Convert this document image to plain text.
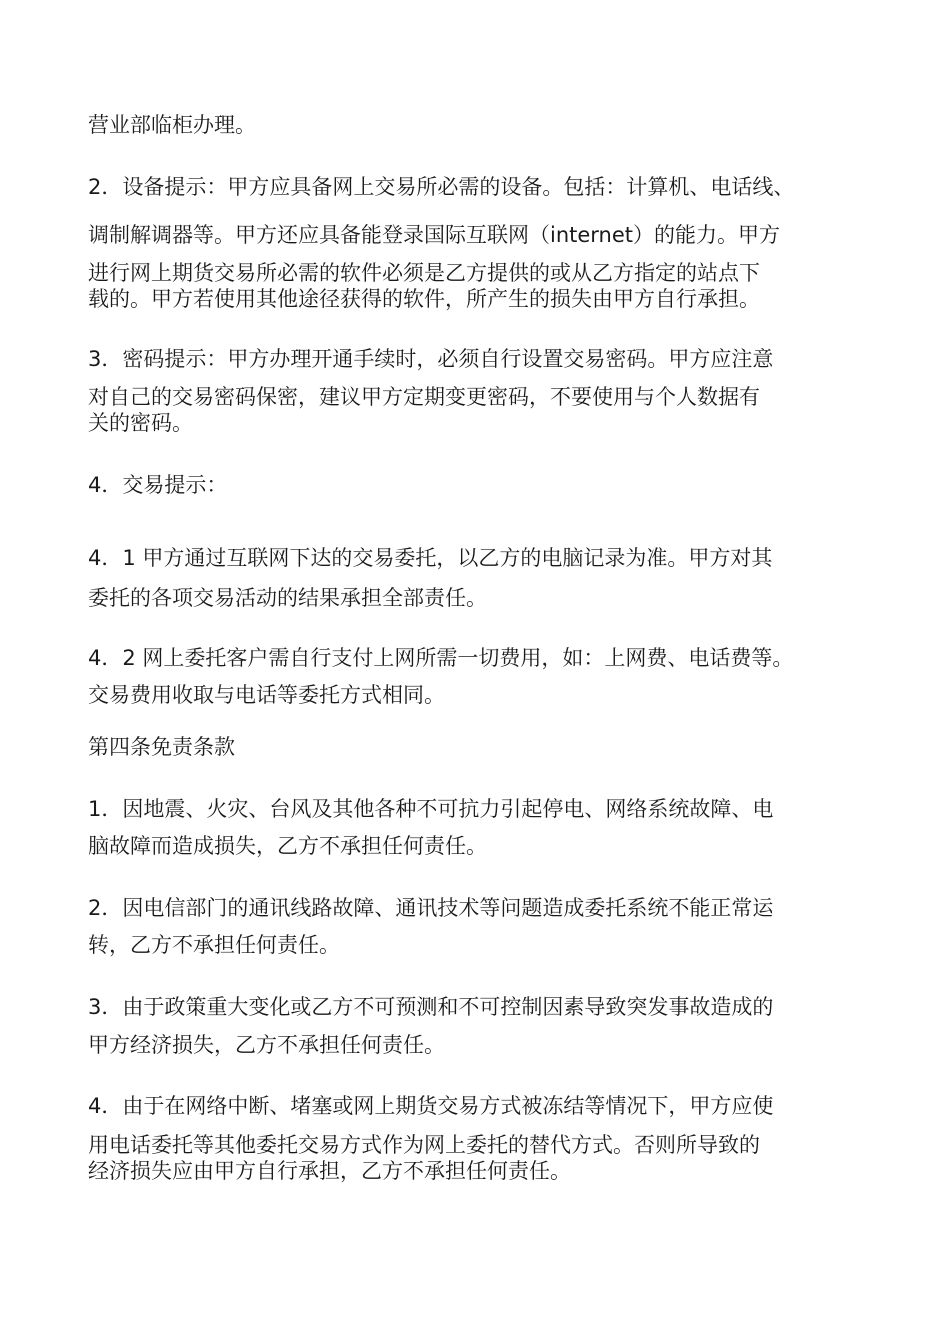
营业部临柜办理。
2．设备提示：甲方应具备网上交易所必需的设备。包括：计算机、电话线、
调制解调器等。甲方还应具备能登录国际互联网（internet）的能力。甲方
进行网上期货交易所必需的软件必须是乙方提供的或从乙方指定的站点下
载的。甲方若使用其他途径获得的软件，所产生的损失由甲方自行承担。
3．密码提示：甲方办理开通手续时，必须自行设置交易密码。甲方应注意
对自己的交易密码保密，建议甲方定期变更密码，不要使用与个人数据有
关的密码。
4．交易提示：
4．1 甲方通过互联网下达的交易委托，以乙方的电脑记录为准。甲方对其
委托的各项交易活动的结果承担全部责任。
4．2 网上委托客户需自行支付上网所需一切费用，如：上网费、电话费等。
交易费用收取与电话等委托方式相同。
第四条免责条款
1．因地震、火灾、台风及其他各种不可抗力引起停电、网络系统故障、电
脑故障而造成损失，乙方不承担任何责任。
2．因电信部门的通讯线路故障、通讯技术等问题造成委托系统不能正常运
转，乙方不承担任何责任。
3．由于政策重大变化或乙方不可预测和不可控制因素导致突发事故造成的
甲方经济损失，乙方不承担任何责任。
4．由于在网络中断、堵塞或网上期货交易方式被冻结等情况下，甲方应使
用电话委托等其他委托交易方式作为网上委托的替代方式。否则所导致的
经济损失应由甲方自行承担，乙方不承担任何责任。
